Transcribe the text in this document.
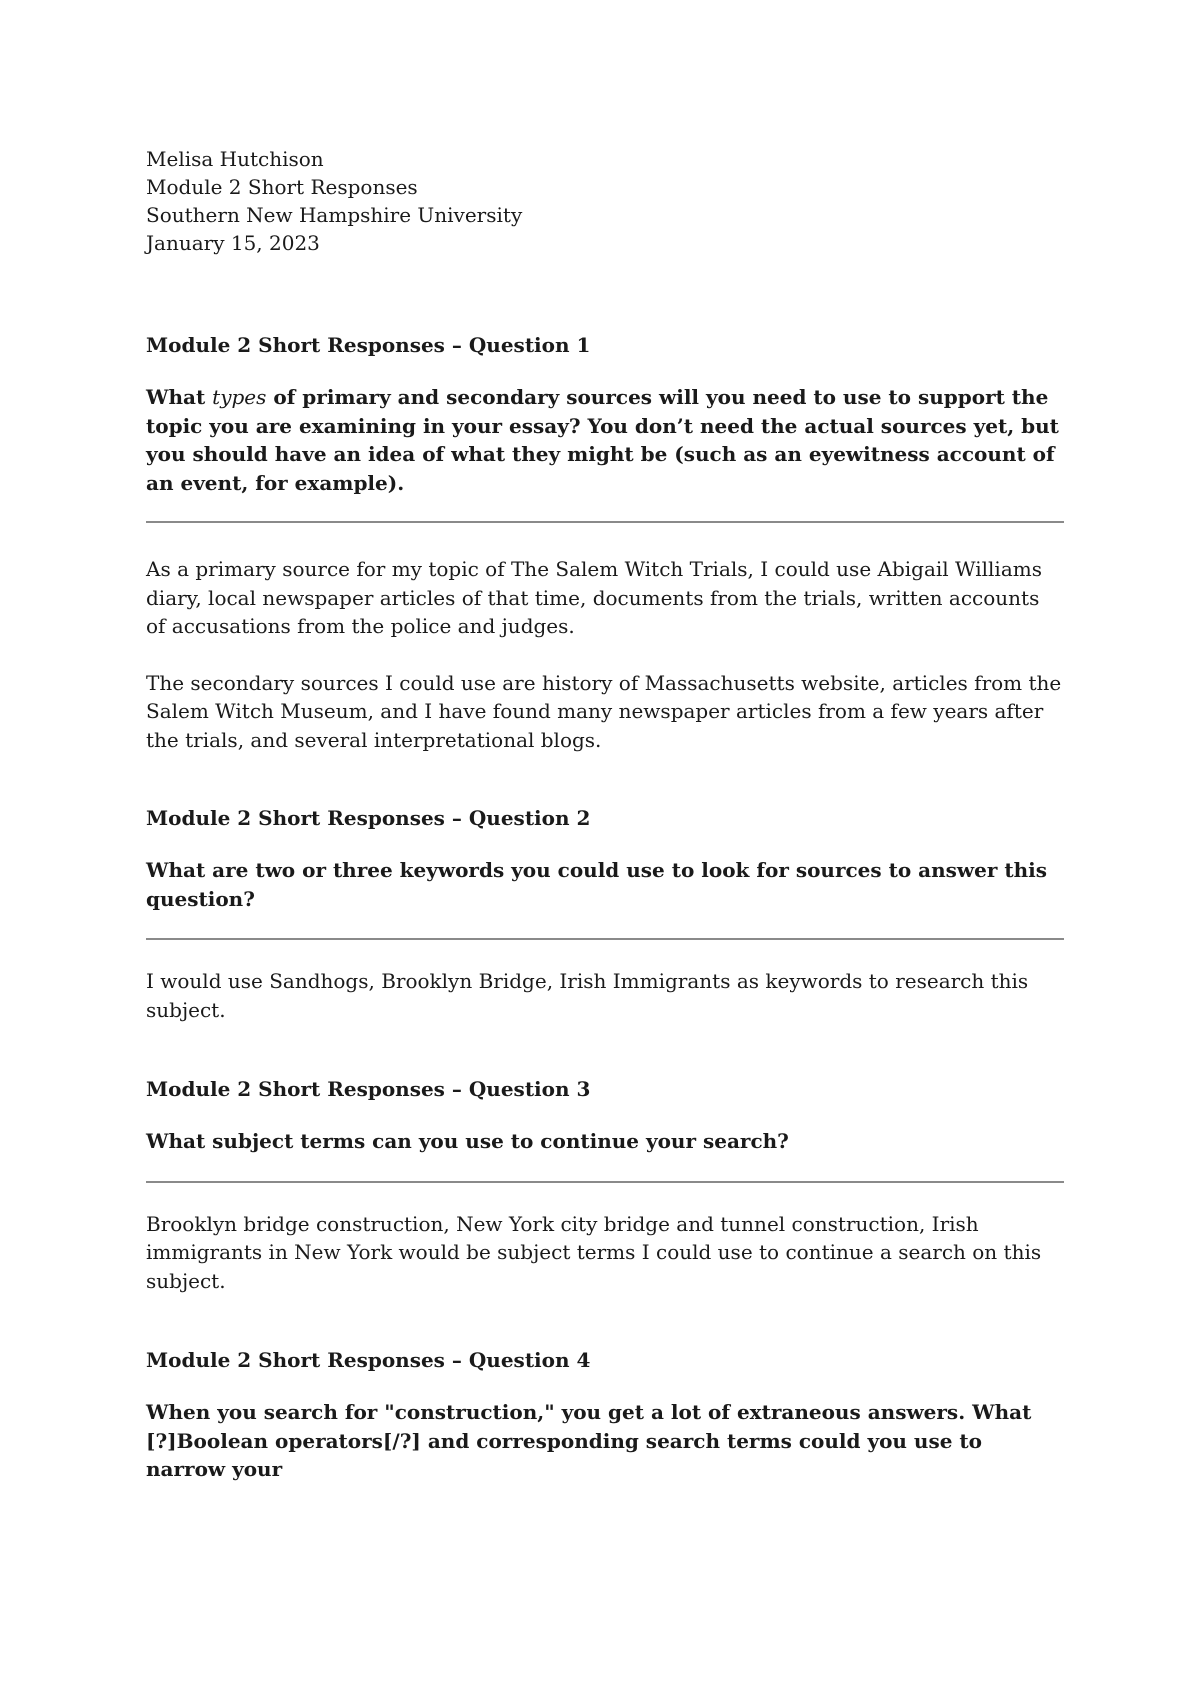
Melisa Hutchison

Module 2 Short Responses

Southern New Hampshire University

January 15, 2023

Module 2 Short Responses – Question 1

What types of primary and secondary sources will you need to use to support the topic you are examining in your essay? You don’t need the actual sources yet, but you should have an idea of what they might be (such as an eyewitness account of an event, for example).

As a primary source for my topic of The Salem Witch Trials, I could use Abigail Williams diary, local newspaper articles of that time, documents from the trials, written accounts of accusations from the police and judges.

The secondary sources I could use are history of Massachusetts website, articles from the Salem Witch Museum, and I have found many newspaper articles from a few years after the trials, and several interpretational blogs.

Module 2 Short Responses – Question 2

What are two or three keywords you could use to look for sources to answer this question?

I would use Sandhogs, Brooklyn Bridge, Irish Immigrants as keywords to research this subject.

Module 2 Short Responses – Question 3

What subject terms can you use to continue your search?

Brooklyn bridge construction, New York city bridge and tunnel construction, Irish immigrants in New York would be subject terms I could use to continue a search on this subject.

Module 2 Short Responses – Question 4

When you search for "construction," you get a lot of extraneous answers. What [?]Boolean operators[/?] and corresponding search terms could you use to narrow your
